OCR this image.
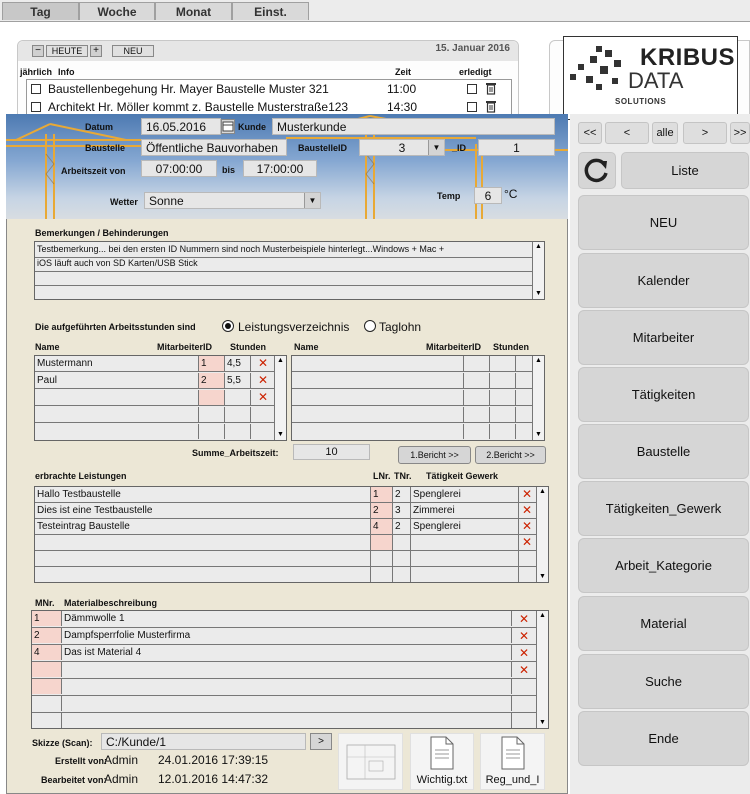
Tag	Woche	Monat	Einst.
−	HEUTE	+	NEU	15. Januar 2016
jährlich Info	Zeit	erledigt
Baustellenbegehung Hr. Mayer Baustelle Muster 321	11:00
Architekt Hr. Möller kommt z. Baustelle Musterstraße123	14:30
KRIBUS
DATA
SOLUTIONS
Datum	16.05.2016	Kunde Musterkunde
Baustelle	Öffentliche Bauvorhaben	BaustelleID	3	▼	_ID	1
Arbeitszeit von	07:00:00	bis	17:00:00
Temp	6	°C
Wetter Sonne	▼
Bemerkungen / Behinderungen
Testbemerkung... bei den ersten ID Nummern sind noch Musterbeispiele hinterlegt...Windows + Mac +
iOS läuft auch von SD Karten/USB Stick
▲
▼
Die aufgeführten Arbeitsstunden sind	Leistungsverzeichnis Taglohn
Name	MitarbeiterID Stunden
Mustermann	1	4,5	✕
Paul	2	5,5	✕
✕
▲
▼
Name	MitarbeiterID Stunden
▲
▼
Summe_Arbeitszeit:	10	1.Bericht >>	2.Bericht >>
erbrachte Leistungen	LNr. TNr. Tätigkeit Gewerk
Hallo Testbaustelle	1	2	Spenglerei	✕
Dies ist eine Testbaustelle	2	3	Zimmerei	✕
Testeintrag Baustelle	4	2	Spenglerei	✕
✕
▲
▼
MNr. Materialbeschreibung
1	Dämmwolle 1	✕
2	Dampfsperrfolie Musterfirma	✕
4	Das ist Material 4	✕
✕
▲
▼
Skizze (Scan):	C:/Kunde/1	>
Erstellt von:
Admin 24.01.2016 17:39:15
Bearbeitet von:
Admin 12.01.2016 14:47:32	Wichtig.txt	Reg_und_I
<<	<	alle	>	>>
Liste
NEU
Kalender
Mitarbeiter
Tätigkeiten
Baustelle
Tätigkeiten_Gewerk
Arbeit_Kategorie
Material
Suche
Ende
